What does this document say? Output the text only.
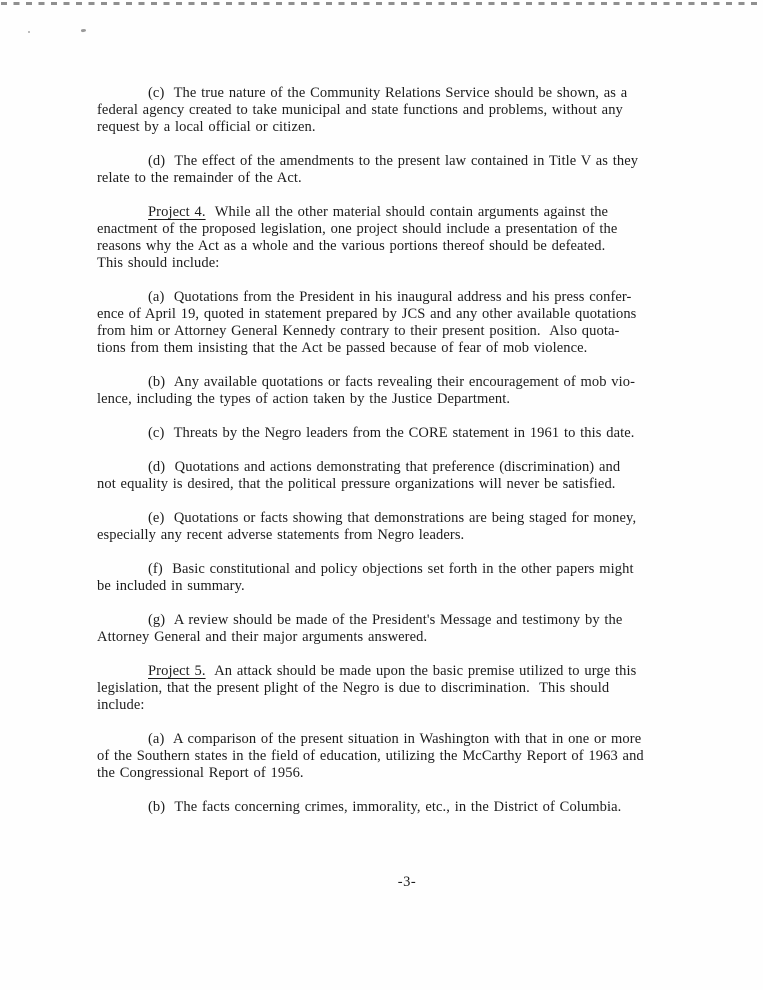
(c)  The true nature of the Community Relations Service should be shown, as a
federal agency created to take municipal and state functions and problems, without any
request by a local official or citizen.
(d)  The effect of the amendments to the present law contained in Title V as they
relate to the remainder of the Act.
Project 4.  While all the other material should contain arguments against the
enactment of the proposed legislation, one project should include a presentation of the
reasons why the Act as a whole and the various portions thereof should be defeated.
This should include:
(a)  Quotations from the President in his inaugural address and his press confer-
ence of April 19, quoted in statement prepared by JCS and any other available quotations
from him or Attorney General Kennedy contrary to their present position.  Also quota-
tions from them insisting that the Act be passed because of fear of mob violence.
(b)  Any available quotations or facts revealing their encouragement of mob vio-
lence, including the types of action taken by the Justice Department.
(c)  Threats by the Negro leaders from the CORE statement in 1961 to this date.
(d)  Quotations and actions demonstrating that preference (discrimination) and
not equality is desired, that the political pressure organizations will never be satisfied.
(e)  Quotations or facts showing that demonstrations are being staged for money,
especially any recent adverse statements from Negro leaders.
(f)  Basic constitutional and policy objections set forth in the other papers might
be included in summary.
(g)  A review should be made of the President's Message and testimony by the
Attorney General and their major arguments answered.
Project 5.  An attack should be made upon the basic premise utilized to urge this
legislation, that the present plight of the Negro is due to discrimination.  This should
include:
(a)  A comparison of the present situation in Washington with that in one or more
of the Southern states in the field of education, utilizing the McCarthy Report of 1963 and
the Congressional Report of 1956.
(b)  The facts concerning crimes, immorality, etc., in the District of Columbia.
-3-
